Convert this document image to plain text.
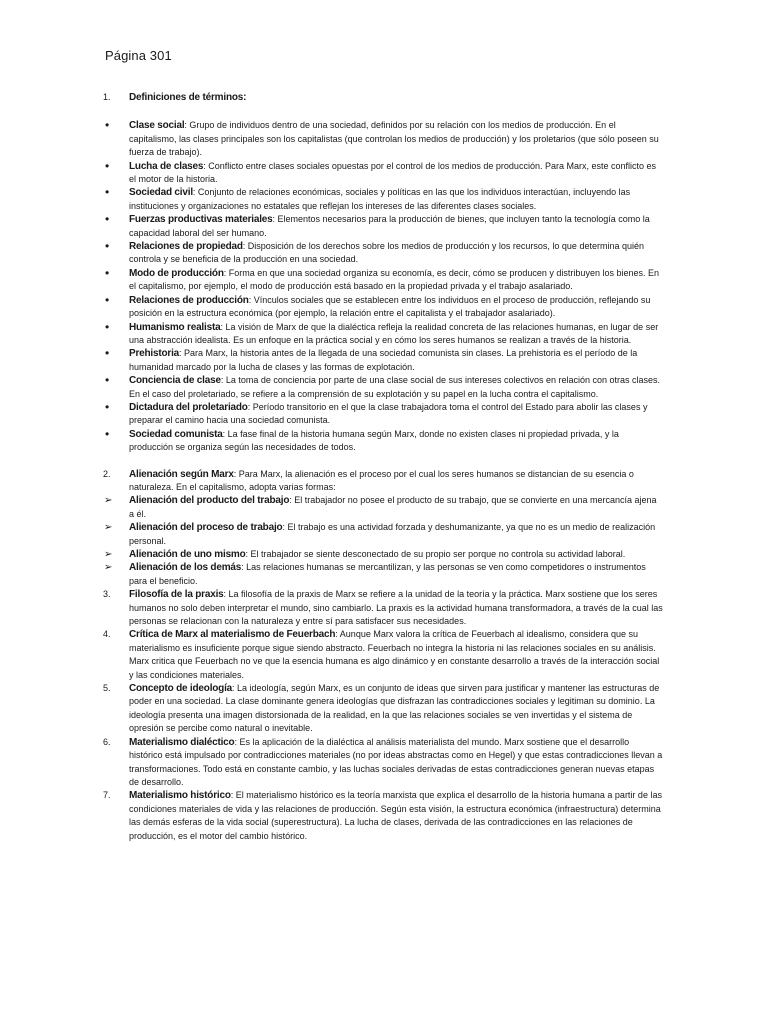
Página 301
1.	Definiciones de términos:
•	Clase social: Grupo de individuos dentro de una sociedad, definidos por su relación con los medios de producción. En el capitalismo, las clases principales son los capitalistas (que controlan los medios de producción) y los proletarios (que sólo poseen su fuerza de trabajo).
•	Lucha de clases: Conflicto entre clases sociales opuestas por el control de los medios de producción. Para Marx, este conflicto es el motor de la historia.
•	Sociedad civil: Conjunto de relaciones económicas, sociales y políticas en las que los individuos interactúan, incluyendo las instituciones y organizaciones no estatales que reflejan los intereses de las diferentes clases sociales.
•	Fuerzas productivas materiales: Elementos necesarios para la producción de bienes, que incluyen tanto la tecnología como la capacidad laboral del ser humano.
•	Relaciones de propiedad: Disposición de los derechos sobre los medios de producción y los recursos, lo que determina quién controla y se beneficia de la producción en una sociedad.
•	Modo de producción: Forma en que una sociedad organiza su economía, es decir, cómo se producen y distribuyen los bienes. En el capitalismo, por ejemplo, el modo de producción está basado en la propiedad privada y el trabajo asalariado.
•	Relaciones de producción: Vínculos sociales que se establecen entre los individuos en el proceso de producción, reflejando su posición en la estructura económica (por ejemplo, la relación entre el capitalista y el trabajador asalariado).
•	Humanismo realista: La visión de Marx de que la dialéctica refleja la realidad concreta de las relaciones humanas, en lugar de ser una abstracción idealista. Es un enfoque en la práctica social y en cómo los seres humanos se realizan a través de la historia.
•	Prehistoria: Para Marx, la historia antes de la llegada de una sociedad comunista sin clases. La prehistoria es el período de la humanidad marcado por la lucha de clases y las formas de explotación.
•	Conciencia de clase: La toma de conciencia por parte de una clase social de sus intereses colectivos en relación con otras clases. En el caso del proletariado, se refiere a la comprensión de su explotación y su papel en la lucha contra el capitalismo.
•	Dictadura del proletariado: Período transitorio en el que la clase trabajadora toma el control del Estado para abolir las clases y preparar el camino hacia una sociedad comunista.
•	Sociedad comunista: La fase final de la historia humana según Marx, donde no existen clases ni propiedad privada, y la producción se organiza según las necesidades de todos.
2.	Alienación según Marx: Para Marx, la alienación es el proceso por el cual los seres humanos se distancian de su esencia o naturaleza. En el capitalismo, adopta varias formas:
➢	Alienación del producto del trabajo: El trabajador no posee el producto de su trabajo, que se convierte en una mercancía ajena a él.
➢	Alienación del proceso de trabajo: El trabajo es una actividad forzada y deshumanizante, ya que no es un medio de realización personal.
➢	Alienación de uno mismo: El trabajador se siente desconectado de su propio ser porque no controla su actividad laboral.
➢	Alienación de los demás: Las relaciones humanas se mercantilizan, y las personas se ven como competidores o instrumentos para el beneficio.
3.	Filosofía de la praxis: La filosofía de la praxis de Marx se refiere a la unidad de la teoría y la práctica. Marx sostiene que los seres humanos no solo deben interpretar el mundo, sino cambiarlo. La praxis es la actividad humana transformadora, a través de la cual las personas se relacionan con la naturaleza y entre sí para satisfacer sus necesidades.
4.	Crítica de Marx al materialismo de Feuerbach: Aunque Marx valora la crítica de Feuerbach al idealismo, considera que su materialismo es insuficiente porque sigue siendo abstracto. Feuerbach no integra la historia ni las relaciones sociales en su análisis. Marx critica que Feuerbach no ve que la esencia humana es algo dinámico y en constante desarrollo a través de la interacción social y las condiciones materiales.
5.	Concepto de ideología: La ideología, según Marx, es un conjunto de ideas que sirven para justificar y mantener las estructuras de poder en una sociedad. La clase dominante genera ideologías que disfrazan las contradicciones sociales y legitiman su dominio. La ideología presenta una imagen distorsionada de la realidad, en la que las relaciones sociales se ven invertidas y el sistema de opresión se percibe como natural o inevitable.
6.	Materialismo dialéctico: Es la aplicación de la dialéctica al análisis materialista del mundo. Marx sostiene que el desarrollo histórico está impulsado por contradicciones materiales (no por ideas abstractas como en Hegel) y que estas contradicciones llevan a transformaciones. Todo está en constante cambio, y las luchas sociales derivadas de estas contradicciones generan nuevas etapas de desarrollo.
7.	Materialismo histórico: El materialismo histórico es la teoría marxista que explica el desarrollo de la historia humana a partir de las condiciones materiales de vida y las relaciones de producción. Según esta visión, la estructura económica (infraestructura) determina las demás esferas de la vida social (superestructura). La lucha de clases, derivada de las contradicciones en las relaciones de producción, es el motor del cambio histórico.
